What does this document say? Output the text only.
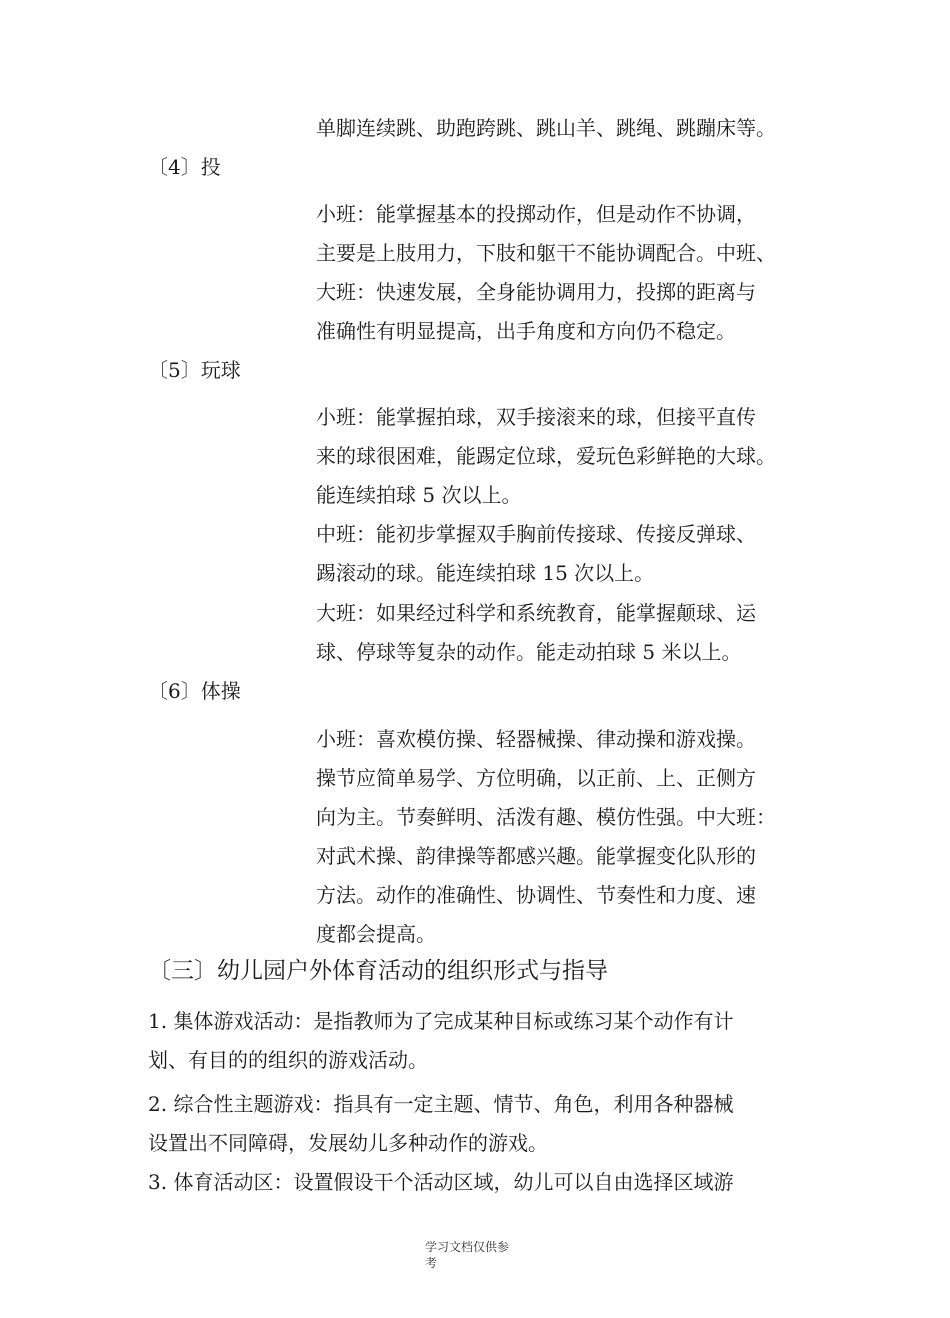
单脚连续跳、助跑跨跳、跳山羊、跳绳、跳蹦床等。
〔4〕投
小班：能掌握基本的投掷动作，但是动作不协调，
主要是上肢用力，下肢和躯干不能协调配合。中班、
大班：快速发展，全身能协调用力，投掷的距离与
准确性有明显提高，出手角度和方向仍不稳定。
〔5〕玩球
小班：能掌握拍球，双手接滚来的球，但接平直传
来的球很困难，能踢定位球，爱玩色彩鲜艳的大球。
能连续拍球 5 次以上。
中班：能初步掌握双手胸前传接球、传接反弹球、
踢滚动的球。能连续拍球 15 次以上。
大班：如果经过科学和系统教育，能掌握颠球、运
球、停球等复杂的动作。能走动拍球 5 米以上。
〔6〕体操
小班：喜欢模仿操、轻器械操、律动操和游戏操。
操节应简单易学、方位明确，以正前、上、正侧方
向为主。节奏鲜明、活泼有趣、模仿性强。中大班：
对武术操、韵律操等都感兴趣。能掌握变化队形的
方法。动作的准确性、协调性、节奏性和力度、速
度都会提高。
〔三〕幼儿园户外体育活动的组织形式与指导
1. 集体游戏活动：是指教师为了完成某种目标或练习某个动作有计
划、有目的的组织的游戏活动。
2. 综合性主题游戏：指具有一定主题、情节、角色，利用各种器械
设置出不同障碍，发展幼儿多种动作的游戏。
3. 体育活动区：设置假设干个活动区域，幼儿可以自由选择区域游
学习文档仅供参
考
